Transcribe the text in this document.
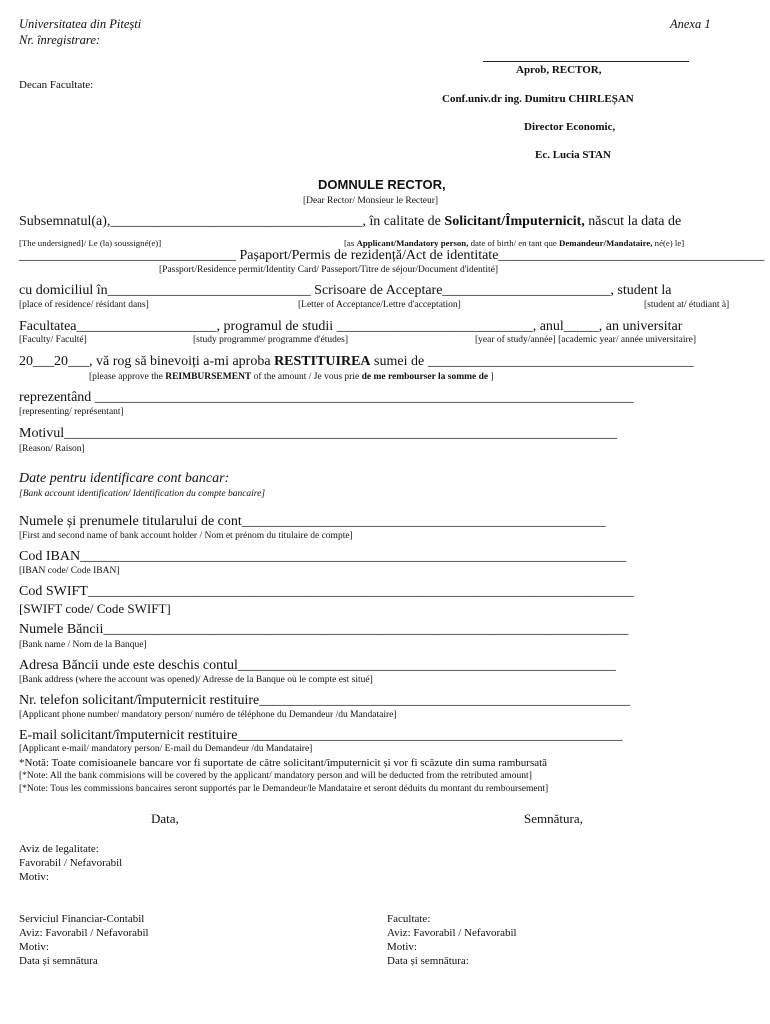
Universitatea din Pitești
Nr. înregistrare:
Anexa 1
Aprob, RECTOR,
Decan Facultate:
Conf.univ.dr ing. Dumitru CHIRLEȘAN
Director Economic,
Ec. Lucia STAN
DOMNULE RECTOR,
[Dear Rector/ Monsieur le Recteur]
Subsemnatul(a),____________________________________, în calitate de Solicitant/Împuternicit, născut la data de
[The undersigned]/ Le (la) soussigné(e)]	[as Applicant/Mandatory person, date of birth/ en tant que Demandeur/Mandataire, né(e) le]
_______________________________ Pașaport/Permis de rezidență/Act de identitate______________________________________
[Passport/Residence permit/Identity Card/ Passeport/Titre de séjour/Document d'identité]
cu domiciliul în_____________________________ Scrisoare de Acceptare________________________, student la
[place of residence/ résidant dans]	[Letter of Acceptance/Lettre d'acceptation]	[student at/ étudiant à]
Facultatea____________________, programul de studii ____________________________, anul_____, an universitar
[Faculty/ Faculté]	[study programme/ programme d'études]	[year of study/année] [academic year/ année universitaire]
20___20___, vă rog să binevoiți a-mi aproba RESTITUIREA sumei de ______________________________________
[please approve the REIMBURSEMENT of the amount / Je vous prie de me rembourser la somme de ]
reprezentând _____________________________________________________________________________
[representing/ représentant]
Motivul_______________________________________________________________________________
[Reason/ Raison]
Date pentru identificare cont bancar:
[Bank account identification/ Identification du compte bancaire]
Numele și prenumele titularului de cont____________________________________________________
[First and second name of bank account holder / Nom et prénom du titulaire de compte]
Cod IBAN______________________________________________________________________________
[IBAN code/ Code IBAN]
Cod SWIFT______________________________________________________________________________
[SWIFT code/ Code SWIFT]
Numele Băncii___________________________________________________________________________
[Bank name / Nom de la Banque]
Adresa Băncii unde este deschis contul______________________________________________________
[Bank address (where the account was opened)/ Adresse de la Banque où le compte est situé]
Nr. telefon solicitant/împuternicit restituire_____________________________________________________
[Applicant phone number/ mandatory person/ numéro de téléphone du Demandeur /du Mandataire]
E-mail solicitant/împuternicit restituire_______________________________________________________
[Applicant e-mail/ mandatory person/ E-mail du Demandeur /du Mandataire]
*Notă: Toate comisioanele bancare vor fi suportate de către solicitant/împuternicit și vor fi scăzute din suma rambursată
[*Note: All the bank commisions will be covered by the applicant/ mandatory person and will be deducted from the retributed amount]
[*Note: Tous les commissions bancaires seront supportés par le Demandeur/le Mandataire et seront déduits du montant du remboursement]
Data,	Semnătura,
Aviz de legalitate:
Favorabil / Nefavorabil
Motiv:
Serviciul Financiar-Contabil
Aviz: Favorabil / Nefavorabil
Motiv:
Data și semnătura
Facultate:
Aviz: Favorabil / Nefavorabil
Motiv:
Data și semnătura:
